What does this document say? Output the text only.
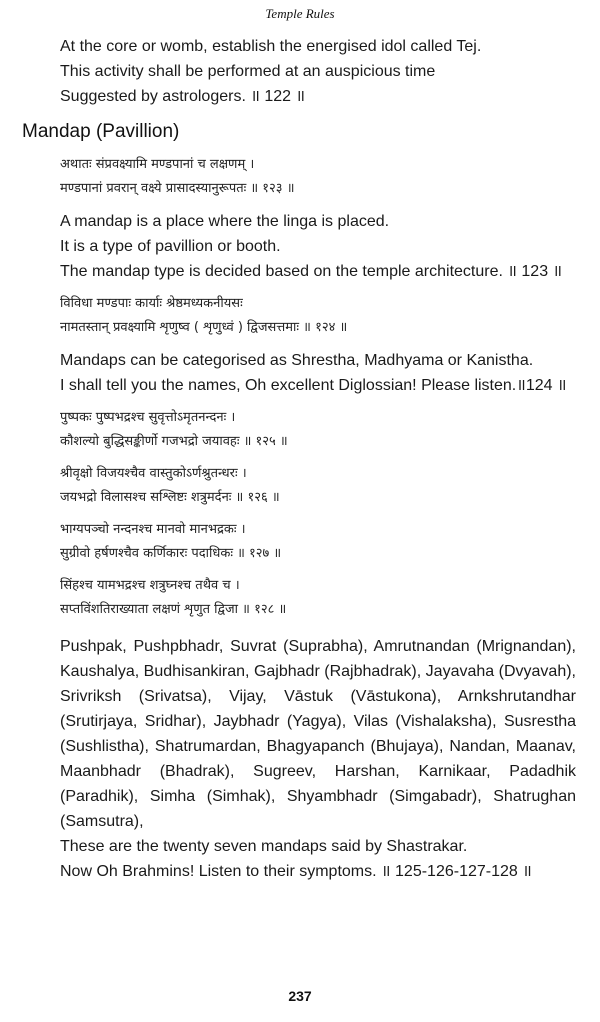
Temple Rules

At the core or womb, establish the energised idol called Tej.

This activity shall be performed at an auspicious time

Suggested by astrologers. ॥ 122 ॥

Mandap (Pavillion)

अथातः संप्रवक्ष्यामि मण्डपानां च लक्षणम् ।

मण्डपानां प्रवरान् वक्ष्ये प्रासादस्यानुरूपतः ॥ १२३ ॥

A mandap is a place where the linga is placed.

It is a type of pavillion or booth.

The mandap type is decided based on the temple architecture. ॥ 123 ॥

विविधा मण्डपाः कार्याः श्रेष्ठमध्यकनीयसः

नामतस्तान् प्रवक्ष्यामि शृणुष्व ( शृणुध्वं ) द्विजसत्तमाः ॥ १२४ ॥

Mandaps can be categorised as Shrestha, Madhyama or Kanistha.

I shall tell you the names, Oh excellent Diglossian! Please listen.॥124 ॥

पुष्पकः पुष्पभद्रश्च सुवृत्तोऽमृतनन्दनः ।

कौशल्यो बुद्धिसङ्कीर्णो गजभद्रो जयावहः ॥ १२५ ॥

श्रीवृक्षो विजयश्चैव वास्तुकोऽर्णश्रुतन्धरः ।

जयभद्रो विलासश्च सश्लिष्टः शत्रुमर्दनः ॥ १२६ ॥

भाग्यपञ्चो नन्दनश्च मानवो मानभद्रकः ।

सुग्रीवो हर्षणश्चैव कर्णिकारः पदाधिकः ॥ १२७ ॥

सिंहश्च यामभद्रश्च शत्रुघ्नश्च तथैव च ।

सप्तविंशतिराख्याता लक्षणं शृणुत द्विजा ॥ १२८ ॥

Pushpak, Pushpbhadr, Suvrat (Suprabha), Amrutnandan (Mrignandan), Kaushalya, Budhisankiran, Gajbhadr (Rajbhadrak), Jayavaha (Dvyavah), Srivriksh (Srivatsa), Vijay, Vāstuk (Vāstukona), Arnkshrutandhar (Srutirjaya, Sridhar), Jaybhadr (Yagya), Vilas (Vishalaksha), Susrestha (Sushlistha), Shatrumardan, Bhagyapanch (Bhujaya), Nandan, Maanav, Maanbhadr (Bhadrak), Sugreev, Harshan, Karnikaar, Padadhik (Paradhik), Simha (Simhak), Shyambhadr (Simgabadr), Shatrughan (Samsutra),

These are the twenty seven mandaps said by Shastrakar.

Now Oh Brahmins! Listen to their symptoms. ॥ 125-126-127-128 ॥

237
